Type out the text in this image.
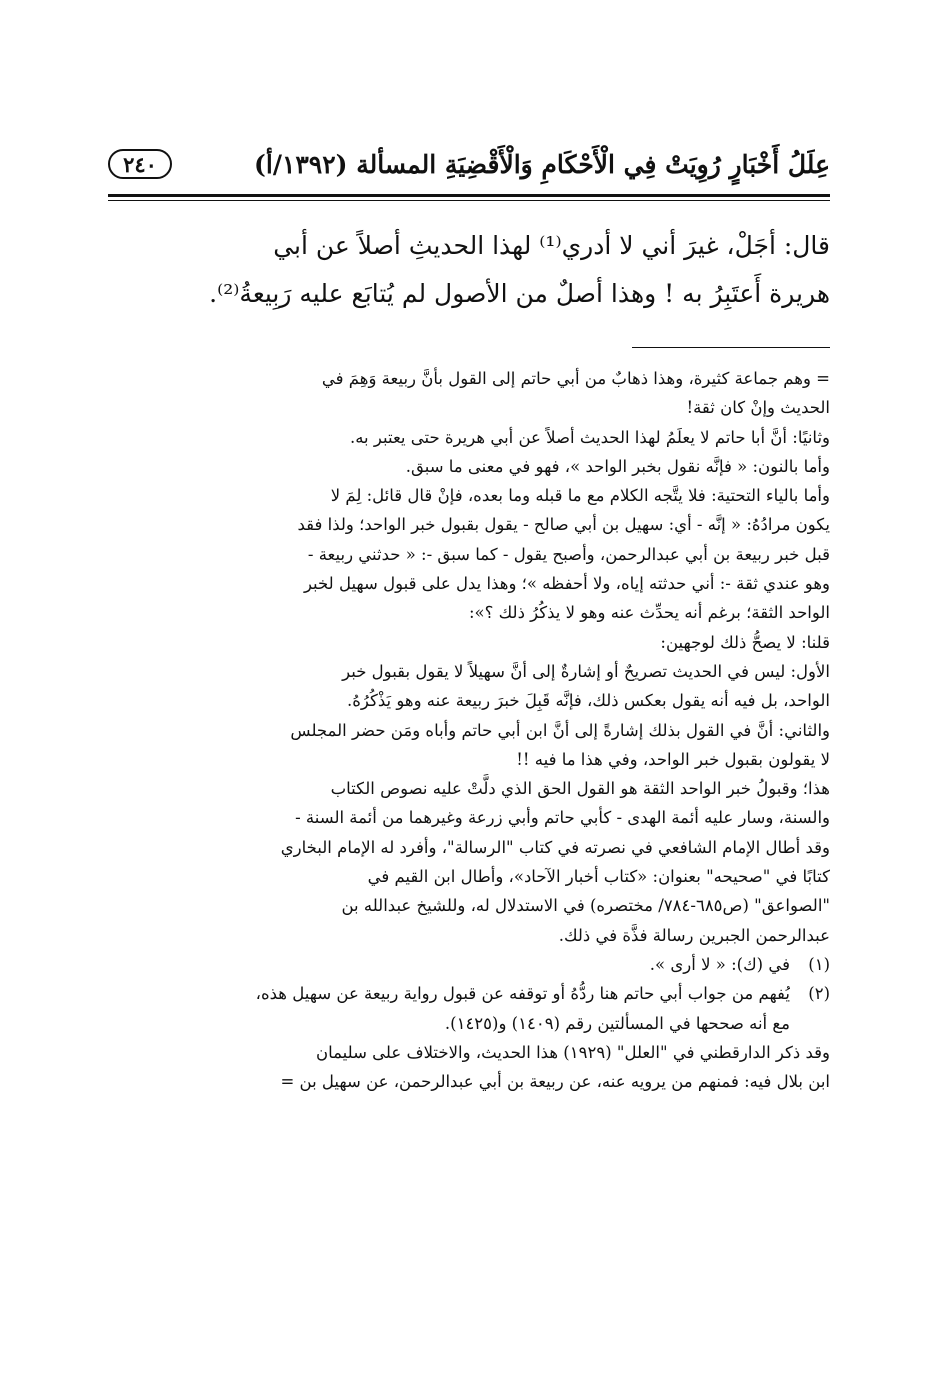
عِلَلُ أَخْبَارٍ رُوِيَتْ فِي الْأَحْكَامِ وَالْأَقْضِيَةِ المسألة (١٣٩٢/أ)
٢٤٠

قال: أجَلْ، غيرَ أني لا أدري⁽¹⁾ لهذا الحديثِ أصلاً عن أبي

هريرة أَعتَبِرُ به ! وهذا أصلٌ من الأصول لم يُتابَع عليه رَبِيعةُ⁽²⁾.

= وهم جماعة كثيرة، وهذا ذهابٌ من أبي حاتم إلى القول بأنَّ ربيعة وَهِمَ في

الحديث وإنْ كان ثقة!

وثانيًا: أنَّ أبا حاتم لا يعلَمُ لهذا الحديث أصلاً عن أبي هريرة حتى يعتبر به.

وأما بالنون: « فإنَّه نقول بخبر الواحد »، فهو في معنى ما سبق.

وأما بالياء التحتية: فلا يتَّجه الكلام مع ما قبله وما بعده، فإنْ قال قائل: لِمَ لا

يكون مرادُهُ: « إنَّه - أي: سهيل بن أبي صالح - يقول بقبول خبر الواحد؛ ولذا فقد

قبل خبر ربيعة بن أبي عبدالرحمن، وأصبح يقول - كما سبق -: « حدثني ربيعة -

وهو عندي ثقة -: أني حدثته إياه، ولا أحفظه »؛ وهذا يدل على قبول سهيل لخبر

الواحد الثقة؛ برغم أنه يحدِّث عنه وهو لا يذكُرُ ذلك ؟»:

قلنا: لا يصحُّ ذلك لوجهين:

الأول: ليس في الحديث تصريحٌ أو إشارةٌ إلى أنَّ سهيلاً لا يقول بقبول خبر

الواحد، بل فيه أنه يقول بعكس ذلك، فإنَّه قَبِلَ خبرَ ربيعة عنه وهو يَذْكُرُهُ.

والثاني: أنَّ في القول بذلك إشارةً إلى أنَّ ابن أبي حاتم وأباه ومَن حضر المجلس

لا يقولون بقبول خبر الواحد، وفي هذا ما فيه !!

هذا؛ وقبولُ خبر الواحد الثقة هو القول الحق الذي دلَّتْ عليه نصوص الكتاب

والسنة، وسار عليه أئمة الهدى - كأبي حاتم وأبي زرعة وغيرهما من أئمة السنة -

وقد أطال الإمام الشافعي في نصرته في كتاب "الرسالة"، وأفرد له الإمام البخاري

كتابًا في "صحيحه" بعنوان: «كتاب أخبار الآحاد»، وأطال ابن القيم في

"الصواعق" (ص٦٨٥-٧٨٤/ مختصره) في الاستدلال له، وللشيخ عبدالله بن

عبدالرحمن الجبرين رسالة فذَّة في ذلك.

(١)
في (ك): « لا أرى ».
(٢)
يُفهم من جواب أبي حاتم هنا ردُّهُ أو توقفه عن قبول رواية ربيعة عن سهيل هذه،
مع أنه صححها في المسألتين رقم (١٤٠٩) و(١٤٢٥).

وقد ذكر الدارقطني في "العلل" (١٩٢٩) هذا الحديث، والاختلاف على سليمان

ابن بلال فيه: فمنهم من يرويه عنه، عن ربيعة بن أبي عبدالرحمن، عن سهيل بن =
